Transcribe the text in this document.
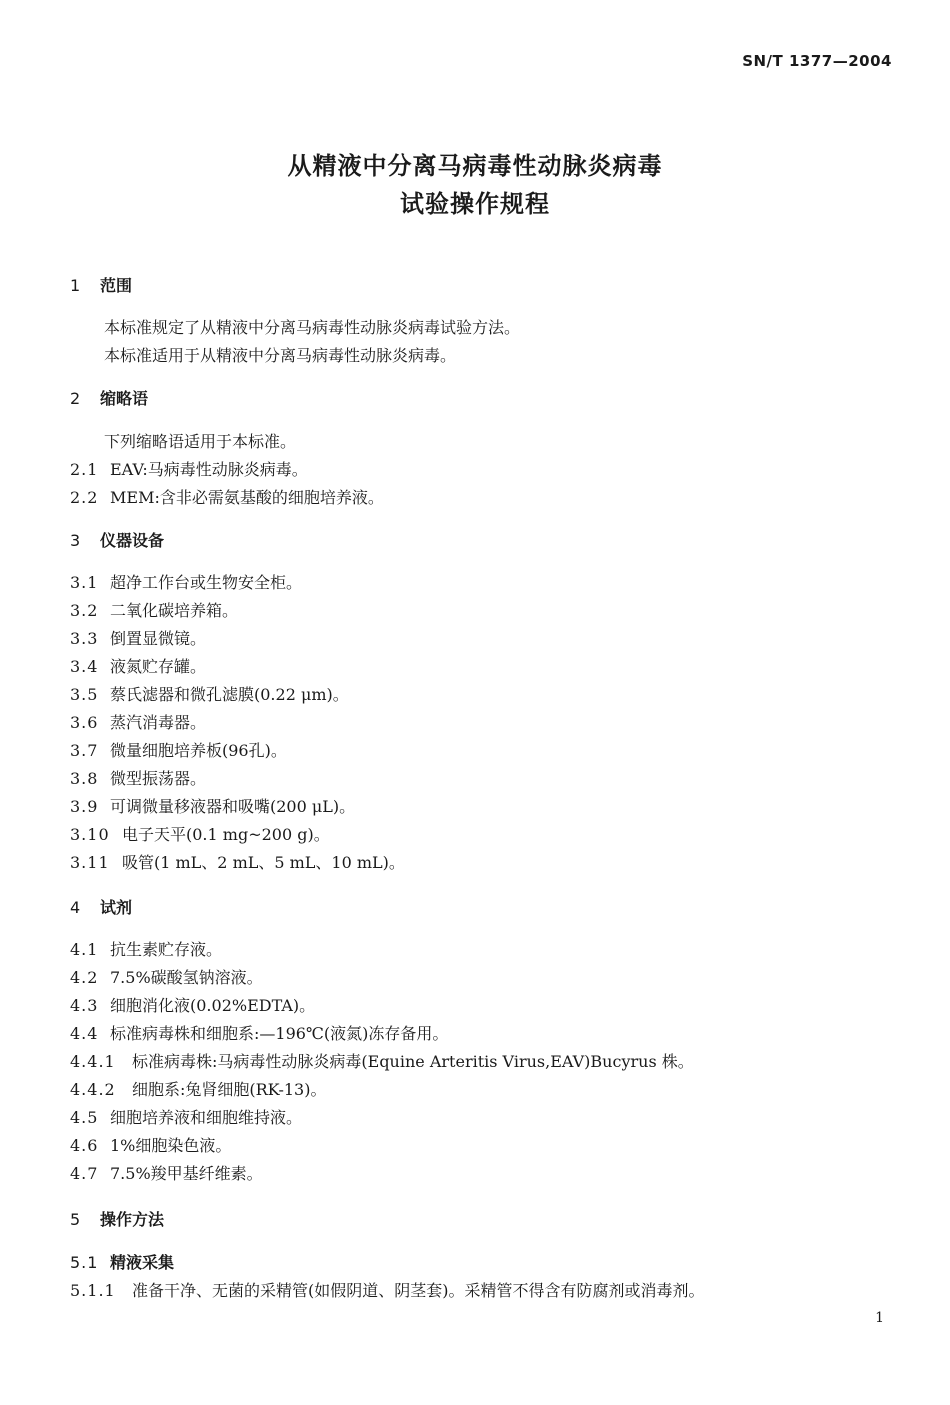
SN/T 1377—2004
从精液中分离马病毒性动脉炎病毒
试验操作规程
1 范围
本标准规定了从精液中分离马病毒性动脉炎病毒试验方法。
本标准适用于从精液中分离马病毒性动脉炎病毒。
2 缩略语
下列缩略语适用于本标准。
2.1 EAV:马病毒性动脉炎病毒。
2.2 MEM:含非必需氨基酸的细胞培养液。
3 仪器设备
3.1 超净工作台或生物安全柜。
3.2 二氧化碳培养箱。
3.3 倒置显微镜。
3.4 液氮贮存罐。
3.5 蔡氏滤器和微孔滤膜(0.22 μm)。
3.6 蒸汽消毒器。
3.7 微量细胞培养板(96孔)。
3.8 微型振荡器。
3.9 可调微量移液器和吸嘴(200 μL)。
3.10 电子天平(0.1 mg~200 g)。
3.11 吸管(1 mL、2 mL、5 mL、10 mL)。
4 试剂
4.1 抗生素贮存液。
4.2 7.5%碳酸氢钠溶液。
4.3 细胞消化液(0.02%EDTA)。
4.4 标准病毒株和细胞系:—196℃(液氮)冻存备用。
4.4.1 标准病毒株:马病毒性动脉炎病毒(Equine Arteritis Virus,EAV)Bucyrus 株。
4.4.2 细胞系:兔肾细胞(RK-13)。
4.5 细胞培养液和细胞维持液。
4.6 1%细胞染色液。
4.7 7.5%羧甲基纤维素。
5 操作方法
5.1 精液采集
5.1.1 准备干净、无菌的采精管(如假阴道、阴茎套)。采精管不得含有防腐剂或消毒剂。
1
